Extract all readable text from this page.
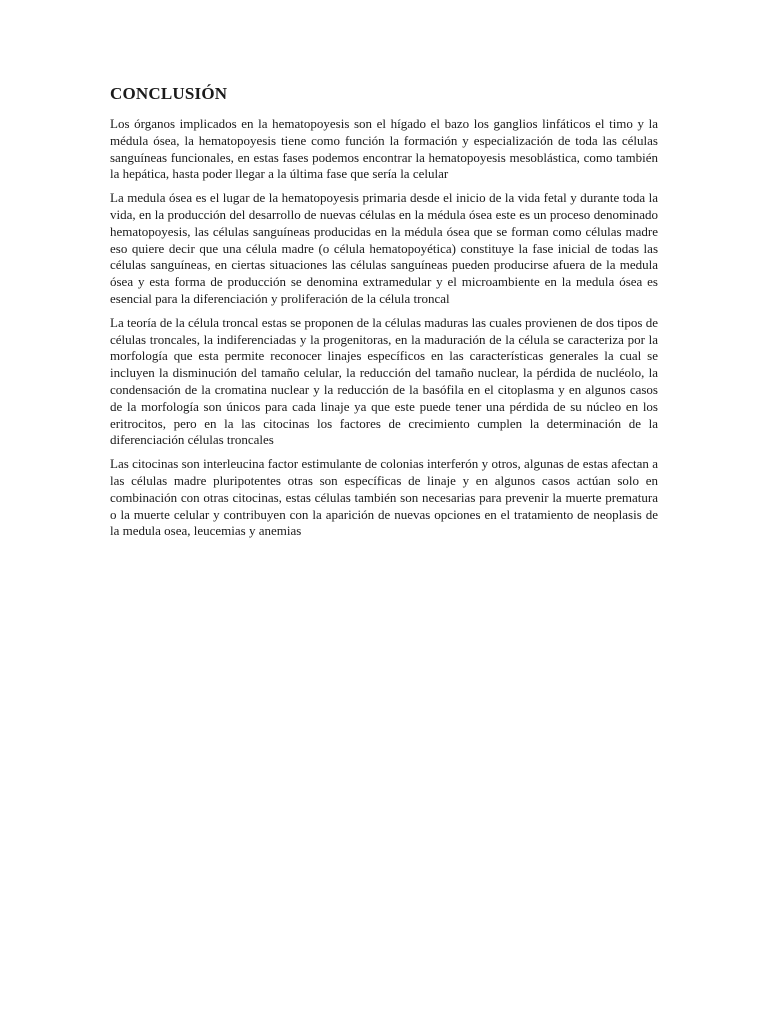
CONCLUSIÓN

Los órganos implicados en la hematopoyesis son el hígado el bazo los ganglios linfáticos el timo y la médula ósea, la hematopoyesis tiene como función la formación y especialización de toda las células sanguíneas funcionales, en estas fases podemos encontrar la hematopoyesis mesoblástica, como también la hepática, hasta poder llegar a la última fase que sería la celular

La medula ósea es el lugar de la hematopoyesis primaria desde el inicio de la vida fetal y durante toda la vida, en la producción del desarrollo de nuevas células en la médula ósea este es un proceso denominado hematopoyesis, las células sanguíneas producidas en la médula ósea que se forman como células madre eso quiere decir que una célula madre (o célula hematopoyética) constituye la fase inicial de todas las células sanguíneas, en ciertas situaciones las células sanguíneas pueden producirse afuera de la medula ósea y esta forma de producción se denomina extramedular y el microambiente en la medula ósea es esencial para la diferenciación y proliferación de la célula troncal

La teoría de la célula troncal estas se proponen de la células maduras las cuales provienen de dos tipos de células troncales, la indiferenciadas y la progenitoras, en la maduración de la célula se caracteriza por la morfología que esta permite reconocer linajes específicos en las características generales la cual se incluyen la disminución del tamaño celular, la reducción del tamaño nuclear, la pérdida de nucléolo, la condensación de la cromatina nuclear y la reducción de la basófila en el citoplasma y en algunos casos de la morfología son únicos para cada linaje ya que este puede tener una pérdida de su núcleo en los eritrocitos, pero en la las citocinas los factores de crecimiento cumplen la determinación de la diferenciación células troncales

Las citocinas son interleucina factor estimulante de colonias interferón y otros, algunas de estas afectan a las células madre pluripotentes otras son específicas de linaje y en algunos casos actúan solo en combinación con otras citocinas, estas células también son necesarias para prevenir la muerte prematura o la muerte celular y contribuyen con la aparición de nuevas opciones en el tratamiento de neoplasis de la medula osea, leucemias y anemias
